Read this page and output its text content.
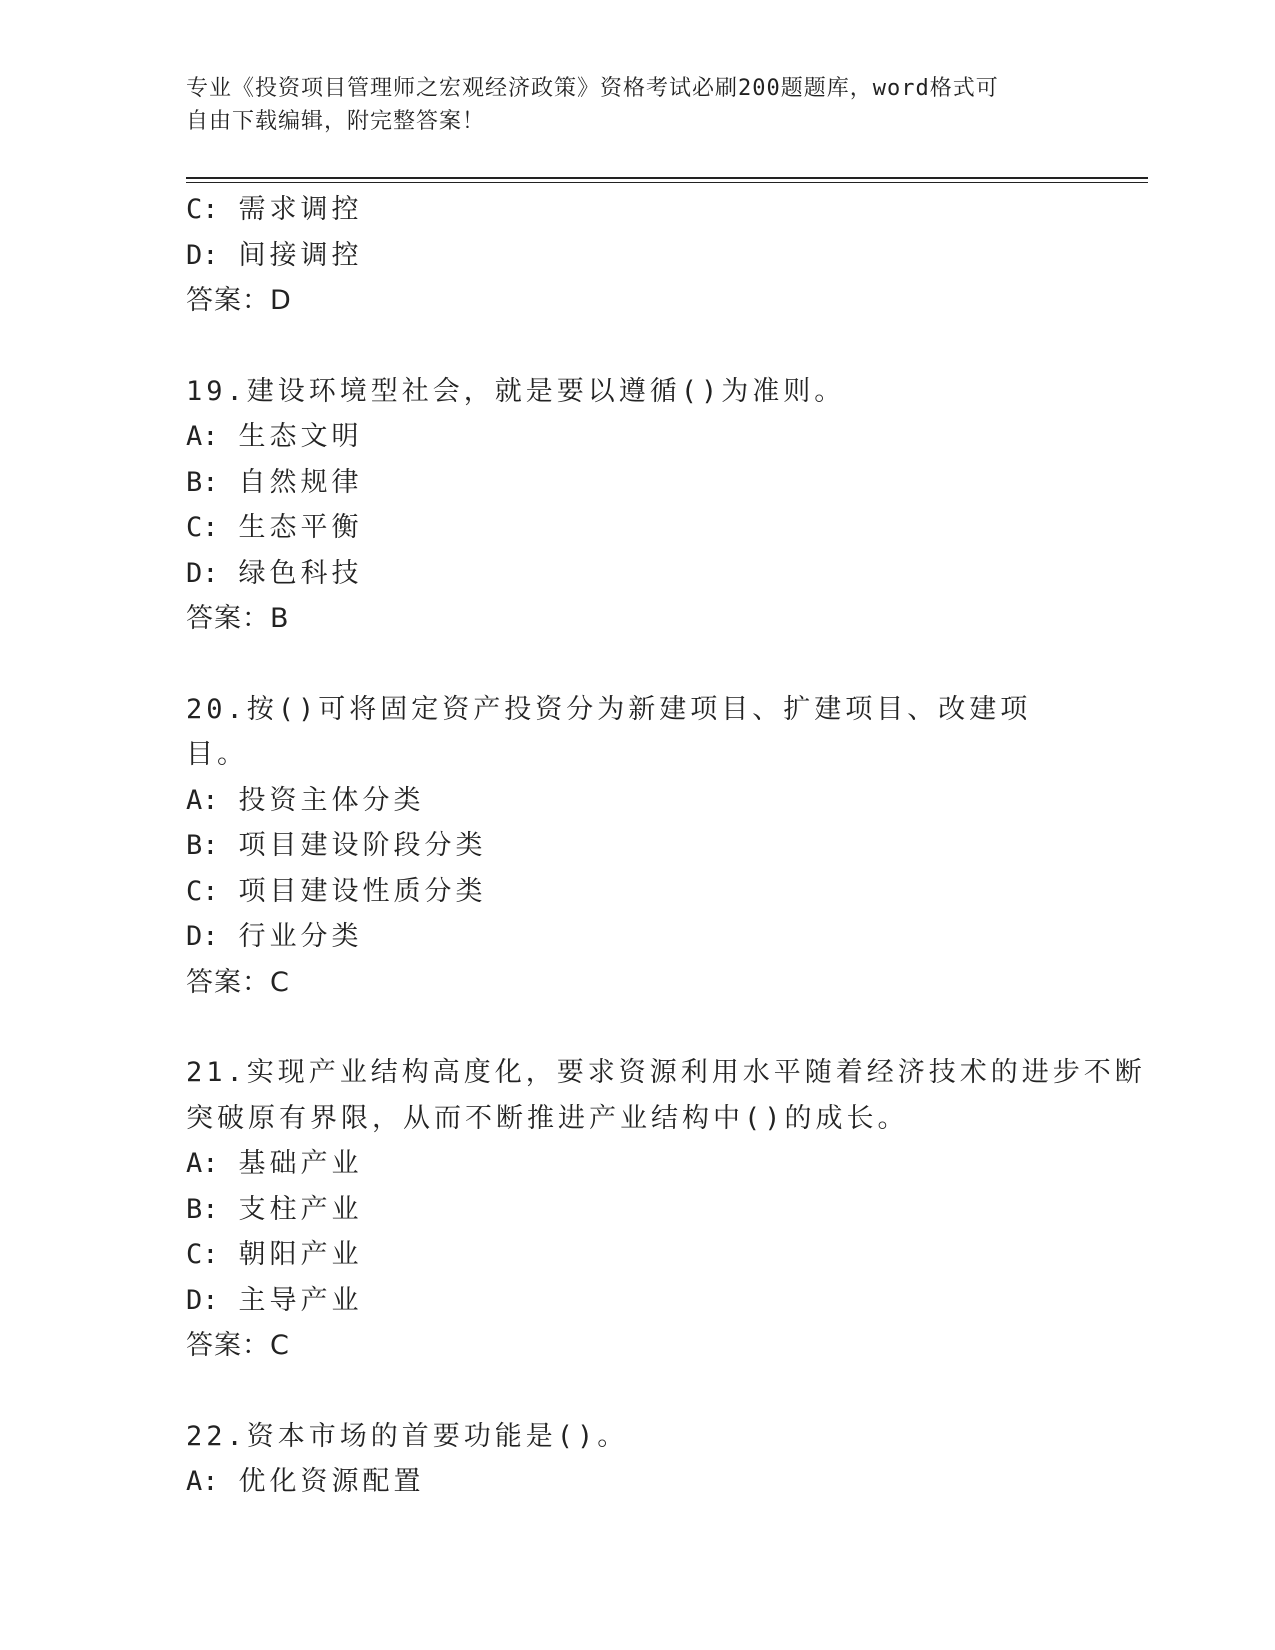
专业《投资项目管理师之宏观经济政策》资格考试必刷200题题库，word格式可
自由下载编辑，附完整答案！
C: 需求调控
D: 间接调控
答案：D
19.建设环境型社会，就是要以遵循()为准则。
A: 生态文明
B: 自然规律
C: 生态平衡
D: 绿色科技
答案：B
20.按()可将固定资产投资分为新建项目、扩建项目、改建项目。
A: 投资主体分类
B: 项目建设阶段分类
C: 项目建设性质分类
D: 行业分类
答案：C
21.实现产业结构高度化，要求资源利用水平随着经济技术的进步不断
突破原有界限，从而不断推进产业结构中()的成长。
A: 基础产业
B: 支柱产业
C: 朝阳产业
D: 主导产业
答案：C
22.资本市场的首要功能是()。
A: 优化资源配置
